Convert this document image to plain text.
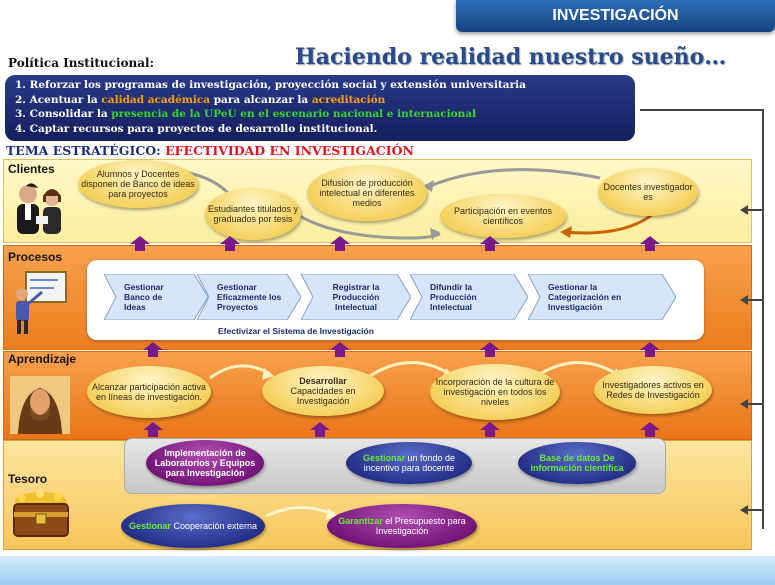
INVESTIGACIÓN
Política Institucional:	Haciendo realidad nuestro sueño…
1. Reforzar los programas de investigación, proyección social y extensión universitaria
2. Acentuar la calidad académica para alcanzar la acreditación
3. Consolidar la presencia de la UPeU en el escenario nacional e internacional
4. Captar recursos para proyectos de desarrollo institucional.
TEMA ESTRATÉGICO: EFECTIVIDAD EN INVESTIGACIÓN
Clientes
Procesos
Aprendizaje
Tesoro
Alumnos y Docentes disponen de Banco de ideas para proyectos
Estudiantes titulados y graduados por tesis
Difusión de producción intelectual en diferentes medios
Participación en eventos científicos
Docentes investigador es
Gestionar Banco de Ideas
Gestionar Eficazmente los Proyectos
Registrar la Producción Intelectual
Difundir la Producción Intelectual
Gestionar la Categorización en Investigación
Efectivizar el Sistema de Investigación
Alcanzar participación activa en líneas de investigación.
Desarrollar
Capacidades en Investigación
Incorporación de la cultura de investigación en todos los niveles
Investigadores activos en Redes de Investigación
Implementación de Laboratorios y Equipos para Investigación
Gestionar un fondo de incentivo para docente
Base de datos De información científica
Gestionar Cooperación externa	Garantizar el Presupuesto para Investigación
